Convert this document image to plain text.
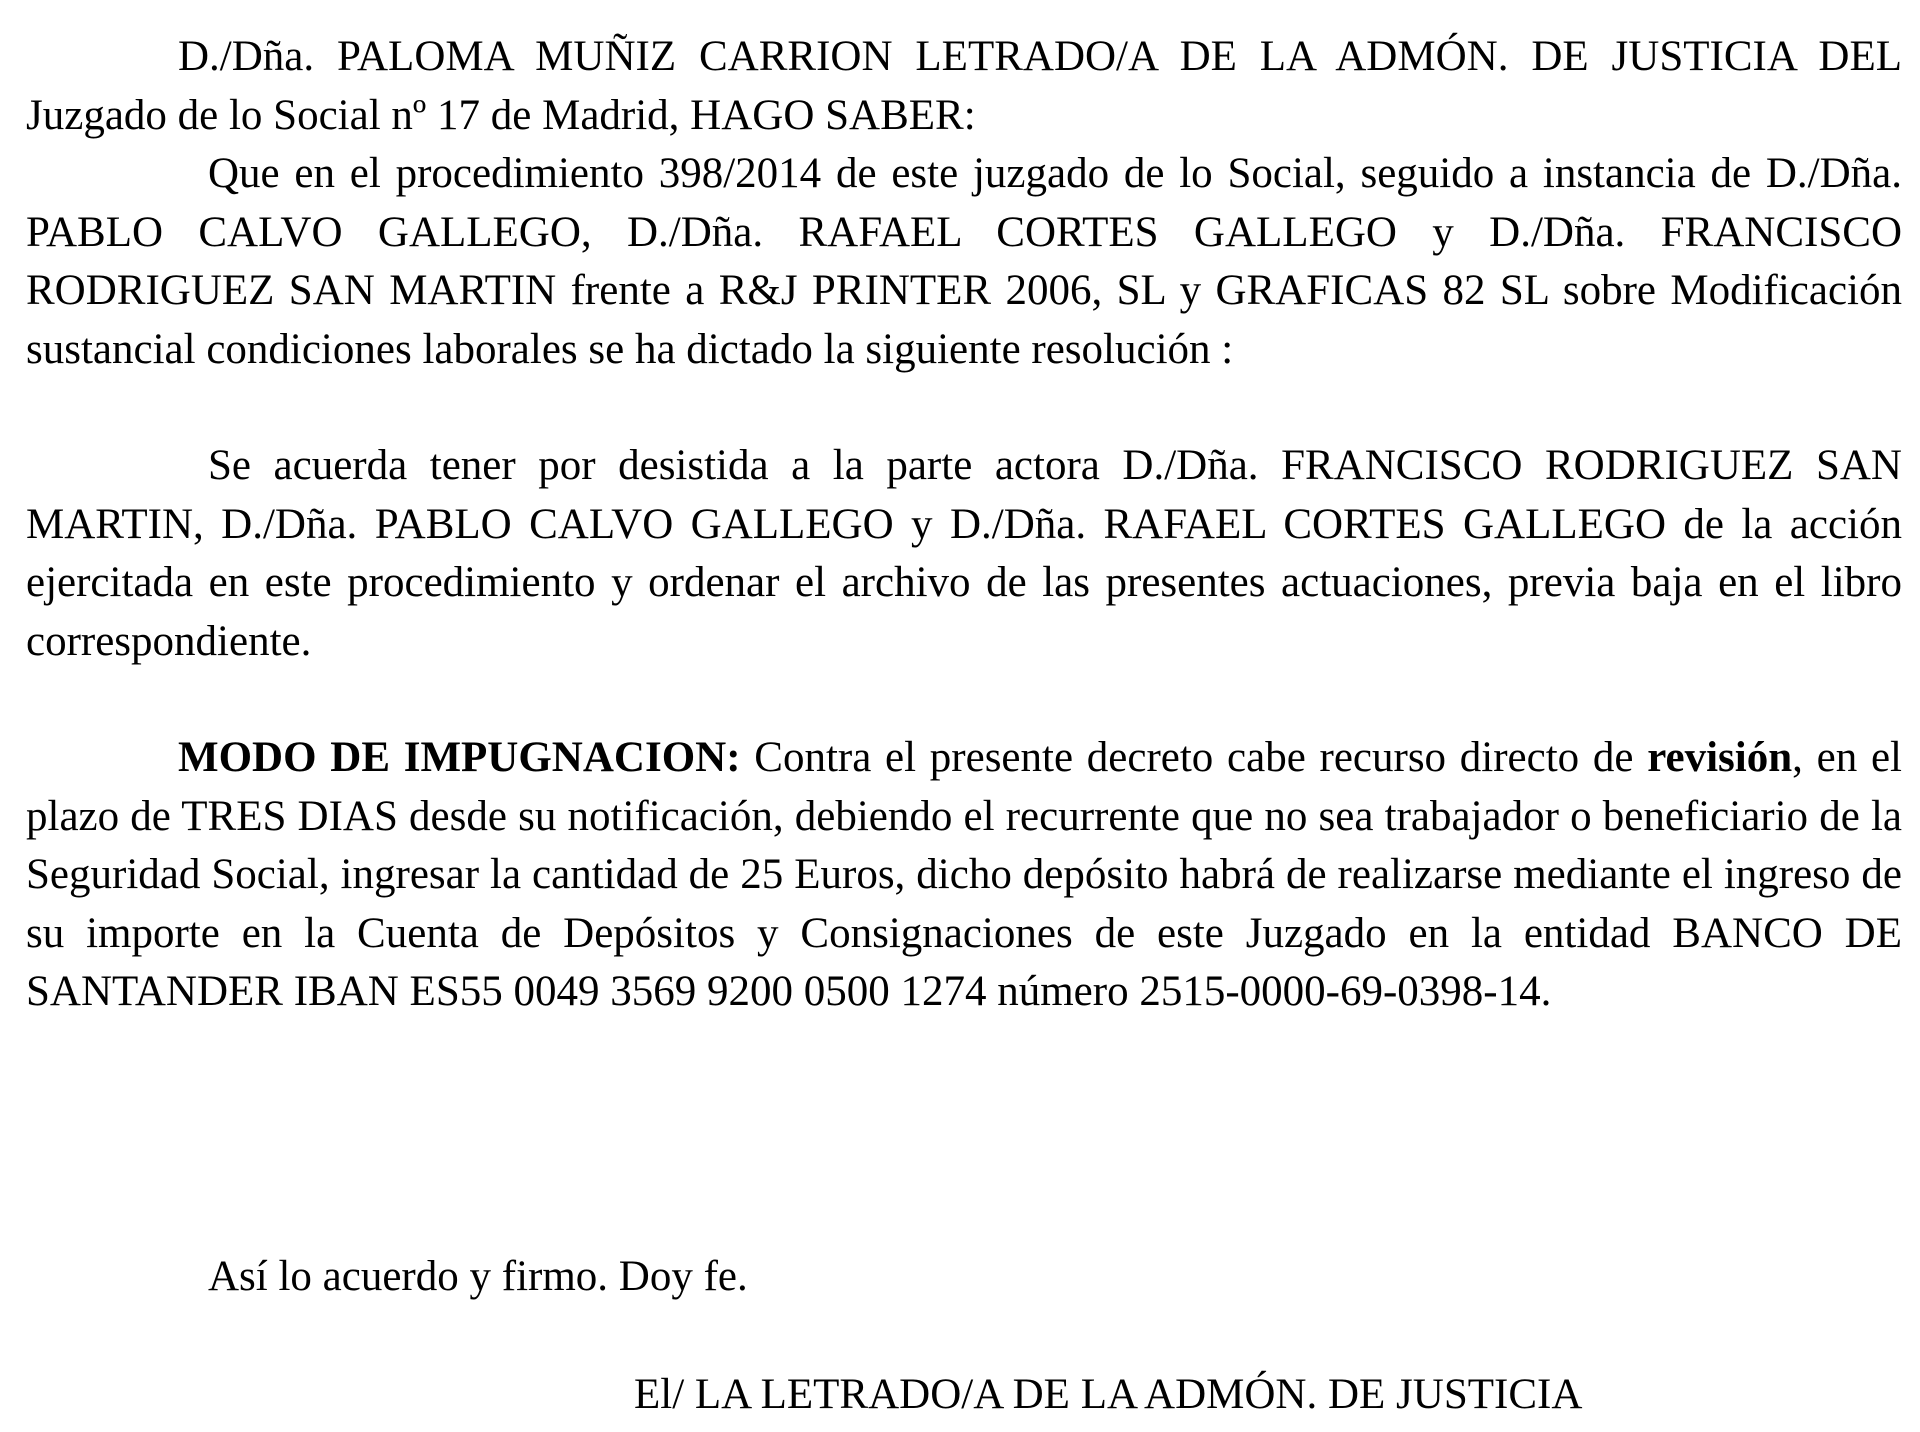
D./Dña. PALOMA MUÑIZ CARRION LETRADO/A DE LA ADMÓN. DE JUSTICIA DEL Juzgado de lo Social nº 17 de Madrid, HAGO SABER:

Que en el procedimiento 398/2014 de este juzgado de lo Social, seguido a instancia de D./Dña. PABLO CALVO GALLEGO, D./Dña. RAFAEL CORTES GALLEGO y D./Dña. FRANCISCO RODRIGUEZ SAN MARTIN frente a R&J PRINTER 2006, SL y GRAFICAS 82 SL sobre Modificación sustancial condiciones laborales se ha dictado la siguiente resolución :

Se acuerda tener por desistida a la parte actora D./Dña. FRANCISCO RODRIGUEZ SAN MARTIN, D./Dña. PABLO CALVO GALLEGO y D./Dña. RAFAEL CORTES GALLEGO de la acción ejercitada en este procedimiento y ordenar el archivo de las presentes actuaciones, previa baja en el libro correspondiente.

MODO DE IMPUGNACION: Contra el presente decreto cabe recurso directo de revisión, en el plazo de TRES DIAS desde su notificación, debiendo el recurrente que no sea trabajador o beneficiario de la Seguridad Social, ingresar la cantidad de 25 Euros, dicho depósito habrá de realizarse mediante el ingreso de su importe en la Cuenta de Depósitos y Consignaciones de este Juzgado en la entidad BANCO DE SANTANDER IBAN ES55 0049 3569 9200 0500 1274 número 2515-0000-69-0398-14.

Así lo acuerdo y firmo. Doy fe.
El/ LA LETRADO/A DE LA ADMÓN. DE JUSTICIA
